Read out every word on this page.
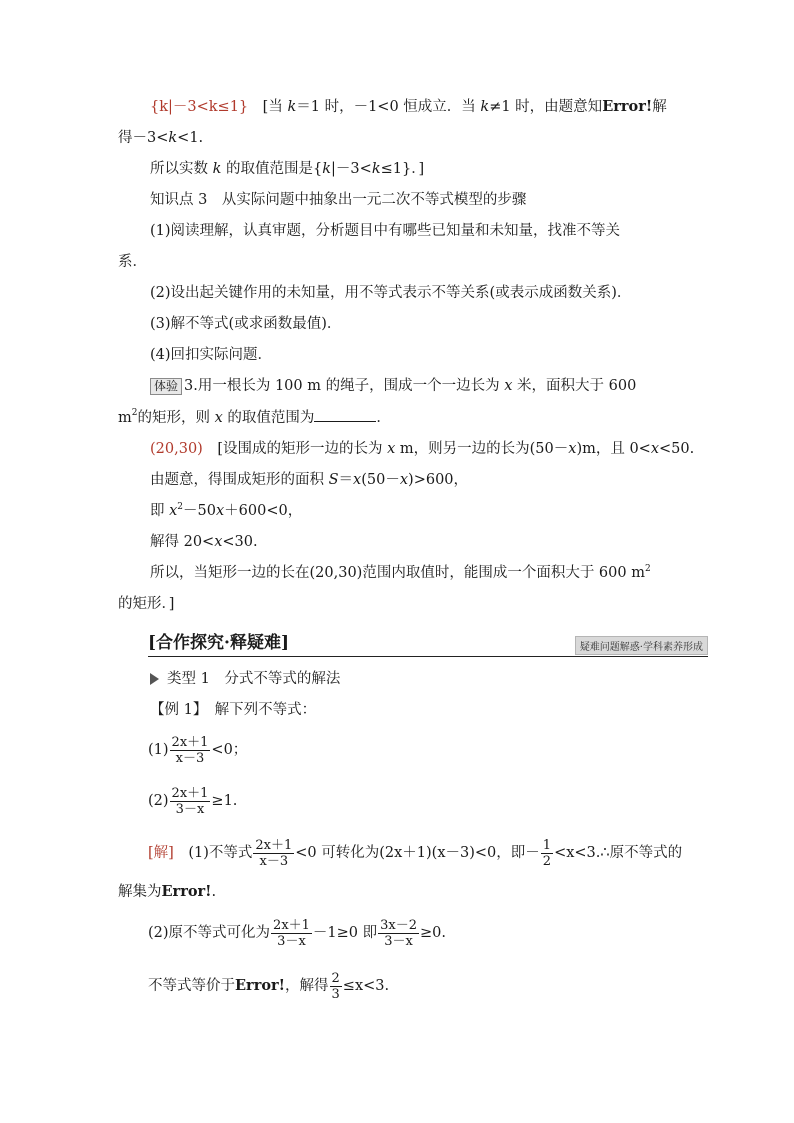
{k|－3<k≤1}　[当 k＝1 时，－1<0 恒成立．当 k≠1 时，由题意知Error!解
得－3<k<1.
所以实数 k 的取值范围是{k|－3<k≤1}．]
知识点 3　从实际问题中抽象出一元二次不等式模型的步骤
(1)阅读理解，认真审题，分析题目中有哪些已知量和未知量，找准不等关
系．
(2)设出起关键作用的未知量，用不等式表示不等关系(或表示成函数关系)．
(3)解不等式(或求函数最值)．
(4)回扣实际问题．
体验 3.用一根长为 100 m 的绳子，围成一个一边长为 x 米，面积大于 600
$m^2$的矩形，则 x 的取值范围为	．
(20,30)　[设围成的矩形一边的长为 x m，则另一边的长为(50－x)m，且 0<x<50.
由题意，得围成矩形的面积 S＝x(50－x)>600，
即 $x^2-50x+600<0$，
解得 20<x<30.
所以，当矩形一边的长在(20,30)范围内取值时，能围成一个面积大于 600 $m^2$
的矩形．]
[合作探究·释疑难]	疑难问题解惑·学科素养形成
类型 1　分式不等式的解法
【例 1】　解下列不等式：
$(1) \frac{2x+1}{x-3} <0$；
$(2) \frac{2x+1}{3-x} \ge 1$.
[解]　(1)不等式 $\frac{2x+1}{x-3} <0$ 可转化为(2x＋1)(x－3)<0，即－ $\frac{1}{2}$ <x<3.∴原不等式的
解集为Error!.
(2)原不等式可化为 $\frac{2x+1}{3-x} -1\ge 0$ 即 $\frac{3x-2}{3-x} \ge 0$.
不等式等价于Error!，解得 $\frac{2}{3} \le x<3$.
